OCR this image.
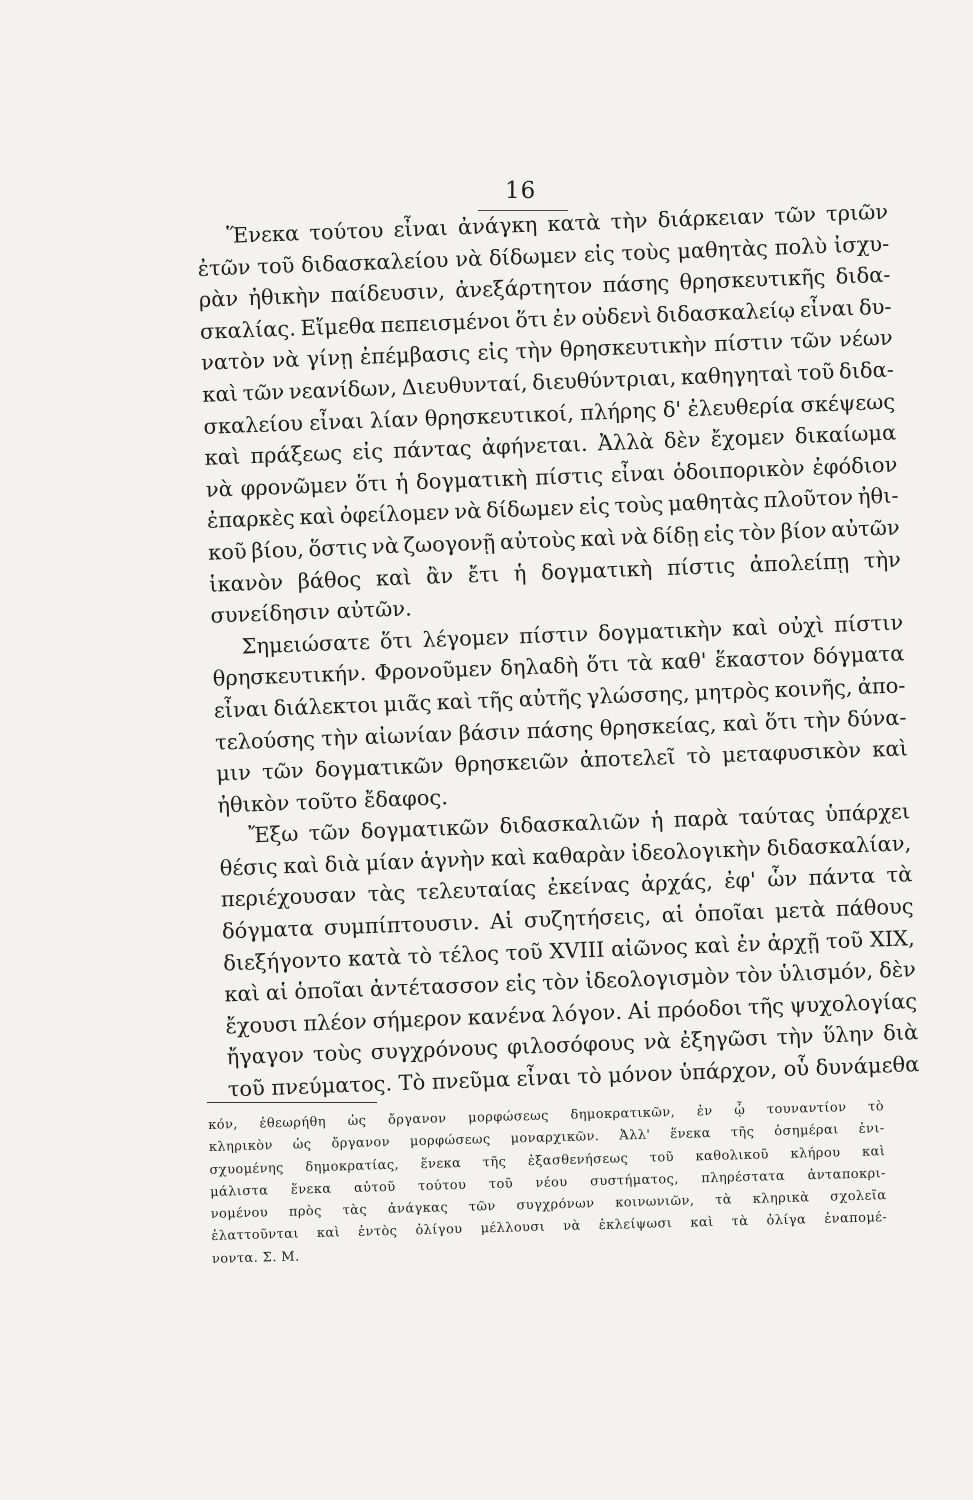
16
Ἕνεκα τούτου εἶναι ἀνάγκη κατὰ τὴν διάρκειαν τῶν τριῶν
ἐτῶν τοῦ διδασκαλείου νὰ δίδωμεν εἰς τοὺς μαθητὰς πολὺ ἰσχυ-
ρὰν ἠθικὴν παίδευσιν, ἀνεξάρτητον πάσης θρησκευτικῆς διδα-
σκαλίας. Εἴμεθα πεπεισμένοι ὅτι ἐν οὐδενὶ διδασκαλείῳ εἶναι δυ-
νατὸν νὰ γίνῃ ἐπέμβασις εἰς τὴν θρησκευτικὴν πίστιν τῶν νέων
καὶ τῶν νεανίδων, Διευθυνταί, διευθύντριαι, καθηγηταὶ τοῦ διδα-
σκαλείου εἶναι λίαν θρησκευτικοί, πλήρης δ' ἐλευθερία σκέψεως
καὶ πράξεως εἰς πάντας ἀφήνεται. Ἀλλὰ δὲν ἔχομεν δικαίωμα
νὰ φρονῶμεν ὅτι ἡ δογματικὴ πίστις εἶναι ὁδοιπορικὸν ἐφόδιον
ἐπαρκὲς καὶ ὀφείλομεν νὰ δίδωμεν εἰς τοὺς μαθητὰς πλοῦτον ἠθι-
κοῦ βίου, ὅστις νὰ ζωογονῇ αὐτοὺς καὶ νὰ δίδῃ εἰς τὸν βίον αὐτῶν
ἱκανὸν βάθος καὶ ἂν ἔτι ἡ δογματικὴ πίστις ἀπολείπῃ τὴν
συνείδησιν αὐτῶν.
Σημειώσατε ὅτι λέγομεν πίστιν δογματικὴν καὶ οὐχὶ πίστιν
θρησκευτικήν. Φρονοῦμεν δηλαδὴ ὅτι τὰ καθ' ἕκαστον δόγματα
εἶναι διάλεκτοι μιᾶς καὶ τῆς αὐτῆς γλώσσης, μητρὸς κοινῆς, ἀπο-
τελούσης τὴν αἰωνίαν βάσιν πάσης θρησκείας, καὶ ὅτι τὴν δύνα-
μιν τῶν δογματικῶν θρησκειῶν ἀποτελεῖ τὸ μεταφυσικὸν καὶ
ἠθικὸν τοῦτο ἔδαφος.
Ἔξω τῶν δογματικῶν διδασκαλιῶν ἡ παρὰ ταύτας ὑπάρχει
θέσις καὶ διὰ μίαν ἁγνὴν καὶ καθαρὰν ἰδεολογικὴν διδασκαλίαν,
περιέχουσαν τὰς τελευταίας ἐκείνας ἀρχάς, ἐφ' ὧν πάντα τὰ
δόγματα συμπίπτουσιν. Αἱ συζητήσεις, αἱ ὁποῖαι μετὰ πάθους
διεξήγοντο κατὰ τὸ τέλος τοῦ XVIII αἰῶνος καὶ ἐν ἀρχῇ τοῦ XIX,
καὶ αἱ ὁποῖαι ἀντέτασσον εἰς τὸν ἰδεολογισμὸν τὸν ὑλισμόν, δὲν
ἔχουσι πλέον σήμερον κανένα λόγον. Αἱ πρόοδοι τῆς ψυχολογίας
ἤγαγον τοὺς συγχρόνους φιλοσόφους νὰ ἐξηγῶσι τὴν ὕλην διὰ
τοῦ πνεύματος. Τὸ πνεῦμα εἶναι τὸ μόνον ὑπάρχον, οὗ δυνάμεθα
κόν, ἐθεωρήθη ὡς ὄργανον μορφώσεως δημοκρατικῶν, ἐν ᾧ τουναντίον τὸ
κληρικὸν ὡς ὄργανον μορφώσεως μοναρχικῶν. Ἀλλ' ἕνεκα τῆς ὁσημέραι ἐνι-
σχυομένης δημοκρατίας, ἕνεκα τῆς ἐξασθενήσεως τοῦ καθολικοῦ κλήρου καὶ
μάλιστα ἕνεκα αὐτοῦ τούτου τοῦ νέου συστήματος, πληρέστατα ἀνταποκρι-
νομένου πρὸς τὰς ἀνάγκας τῶν συγχρόνων κοινωνιῶν, τὰ κληρικὰ σχολεῖα
ἐλαττοῦνται καὶ ἐντὸς ὀλίγου μέλλουσι νὰ ἐκλείψωσι καὶ τὰ ὀλίγα ἐναπομέ-
νοντα. Σ. Μ.
